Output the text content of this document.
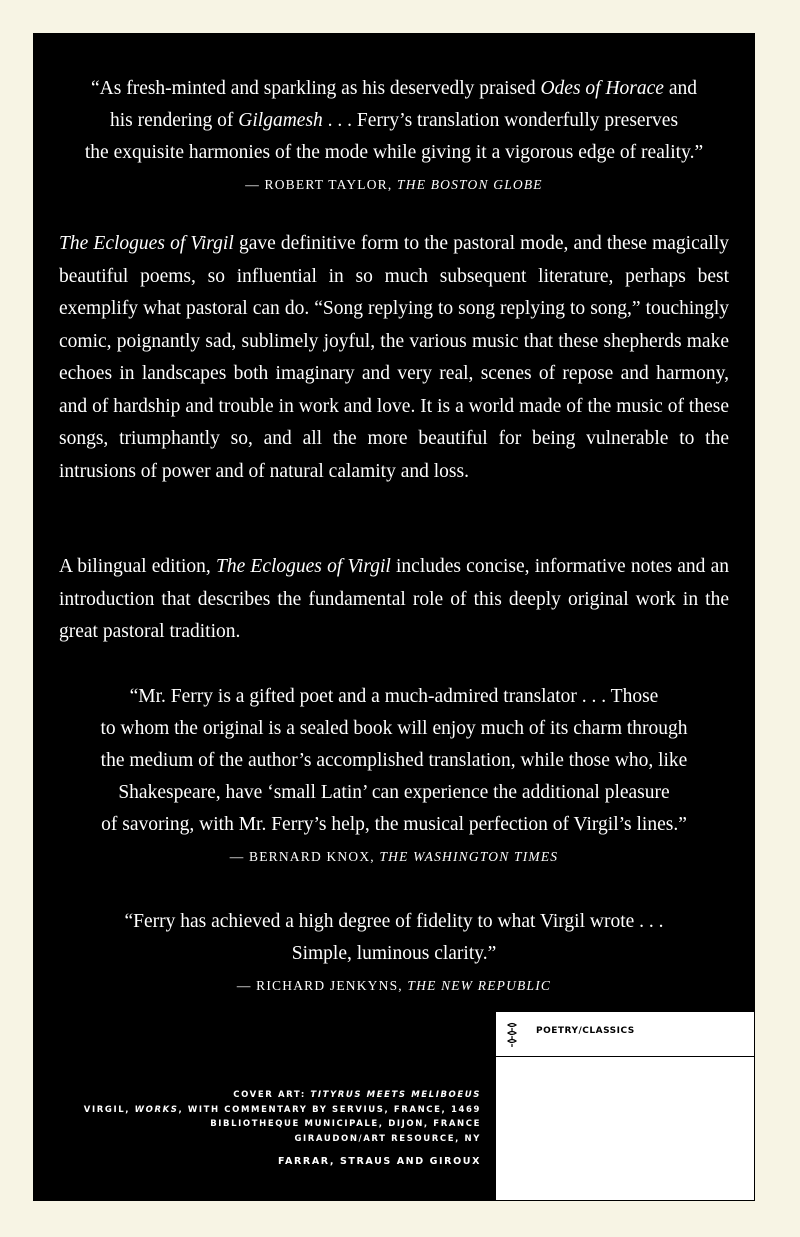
“As fresh-minted and sparkling as his deservedly praised Odes of Horace and
his rendering of Gilgamesh . . . Ferry’s translation wonderfully preserves
the exquisite harmonies of the mode while giving it a vigorous edge of reality.”
— ROBERT TAYLOR, THE BOSTON GLOBE
The Eclogues of Virgil gave definitive form to the pastoral mode, and these magically beautiful poems, so influential in so much subsequent literature, perhaps best exemplify what pastoral can do. “Song replying to song replying to song,” touchingly comic, poignantly sad, sublimely joyful, the various music that these shepherds make echoes in landscapes both imaginary and very real, scenes of repose and harmony, and of hardship and trouble in work and love. It is a world made of the music of these songs, triumphantly so, and all the more beautiful for being vulnerable to the intrusions of power and of natural calamity and loss.
A bilingual edition, The Eclogues of Virgil includes concise, informative notes and an introduction that describes the fundamental role of this deeply original work in the great pastoral tradition.
“Mr. Ferry is a gifted poet and a much-admired translator . . . Those
to whom the original is a sealed book will enjoy much of its charm through
the medium of the author’s accomplished translation, while those who, like
Shakespeare, have ‘small Latin’ can experience the additional pleasure
of savoring, with Mr. Ferry’s help, the musical perfection of Virgil’s lines.”
— BERNARD KNOX, THE WASHINGTON TIMES
“Ferry has achieved a high degree of fidelity to what Virgil wrote . . .
Simple, luminous clarity.”
— RICHARD JENKYNS, THE NEW REPUBLIC
COVER ART: TITYRUS MEETS MELIBOEUS
VIRGIL, WORKS, WITH COMMENTARY BY SERVIUS, FRANCE, 1469
BIBLIOTHEQUE MUNICIPALE, DIJON, FRANCE
GIRAUDON/ART RESOURCE, NY
FARRAR, STRAUS AND GIROUX
POETRY/CLASSICS
